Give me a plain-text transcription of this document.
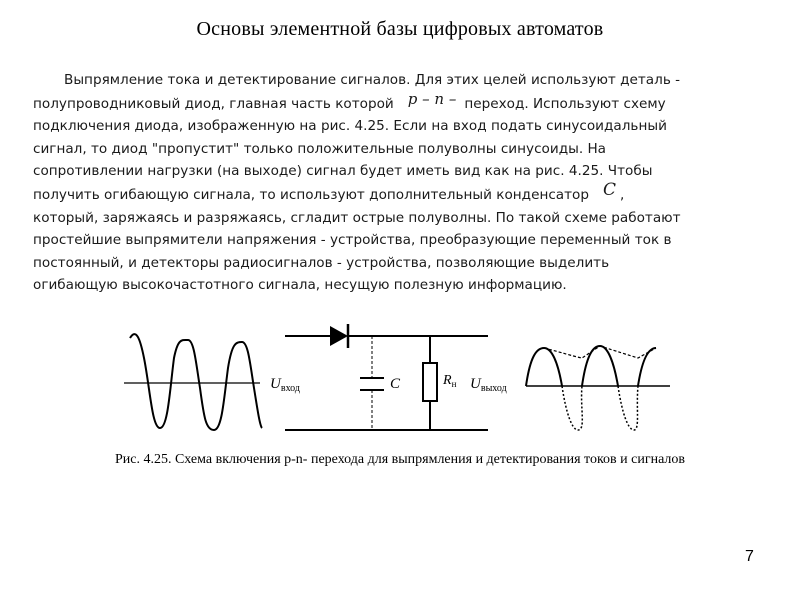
Основы элементной базы цифровых автоматов
Выпрямление тока и детектирование сигналов. Для этих целей используют деталь -
полупроводниковый диод, главная часть которой p – n – переход. Используют схему
подключения диода, изображенную на рис. 4.25. Если на вход подать синусоидальный
сигнал, то диод "пропустит" только положительные полуволны синусоиды. На
сопротивлении нагрузки (на выходе) сигнал будет иметь вид как на рис. 4.25. Чтобы
получить огибающую сигнала, то используют дополнительный конденсатор C ,
который, заряжаясь и разряжаясь, сгладит острые полуволны. По такой схеме работают
простейшие выпрямители напряжения - устройства, преобразующие переменный ток в
постоянный, и детекторы радиосигналов - устройства, позволяющие выделить
огибающую высокочастотного сигнала, несущую полезную информацию.
$U_{вход}$	C	$R_н$ $U_{выход}$
Рис. 4.25. Схема включения p-n- перехода для выпрямления и детектирования токов и сигналов
7
